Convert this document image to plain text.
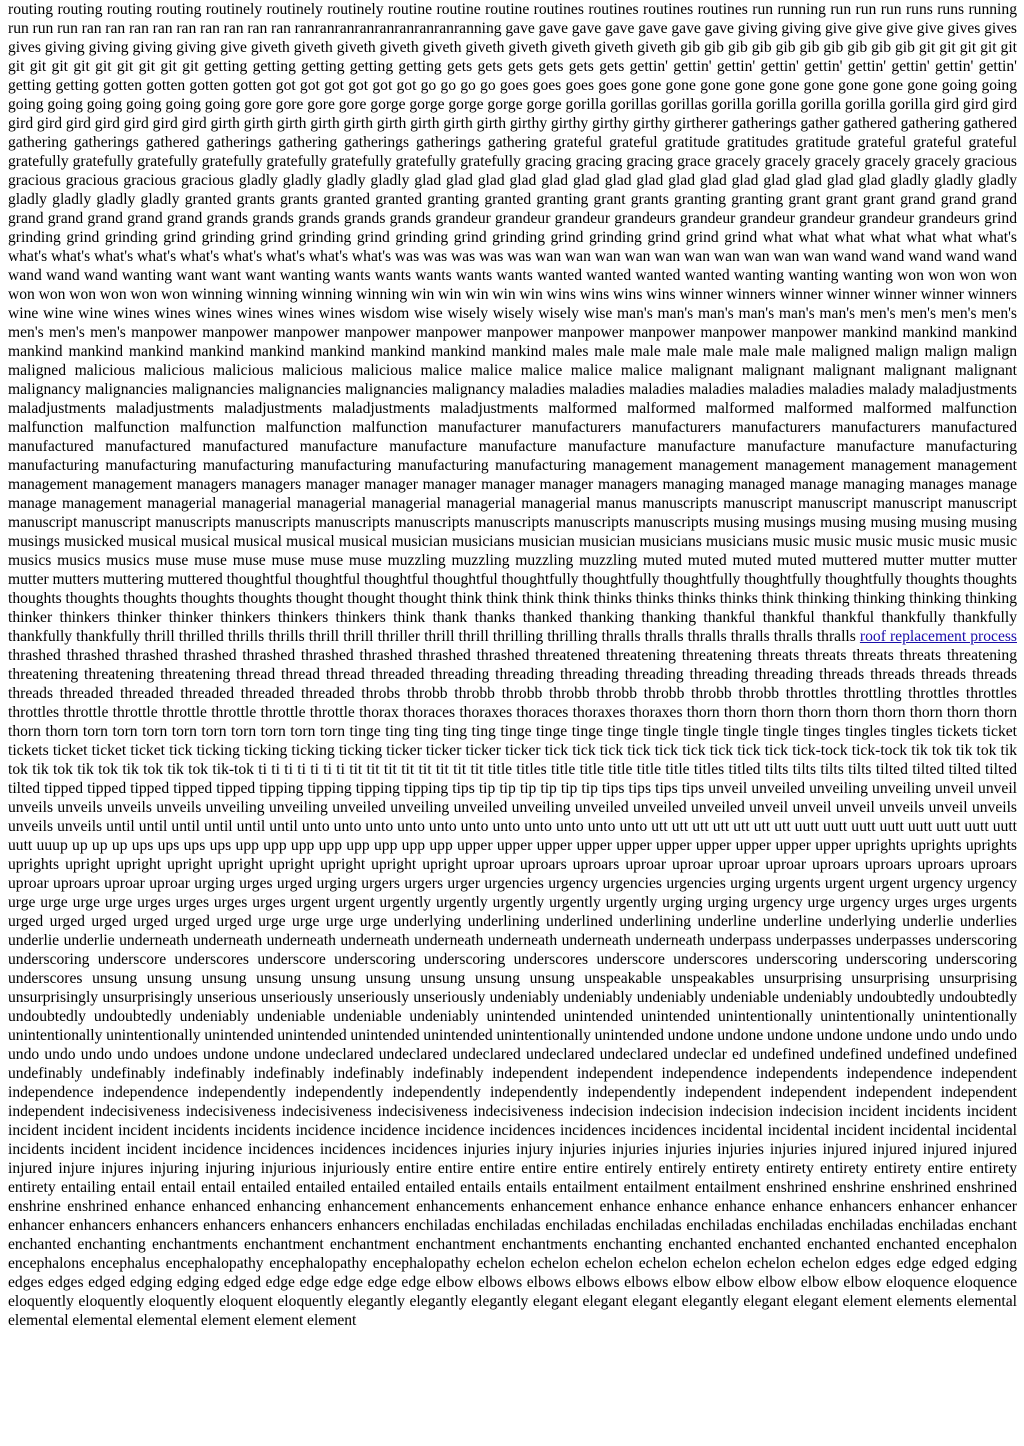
routing routing routing routing routinely routinely routinely routine routine routine routines routines routines routines run running run run run runs runs running run run run ran ran ran ran ran ran ran ran ran ranranranranranranranranranning gave gave gave gave gave gave gave giving giving give give give give gives gives gives giving giving giving giving give giveth giveth giveth giveth giveth giveth giveth giveth giveth giveth gib gib gib gib gib gib gib gib gib gib git git git git git git git git git git git git git git getting getting getting getting getting gets gets gets gets gets gets gettin' gettin' gettin' gettin' gettin' gettin' gettin' gettin' gettin' getting getting gotten gotten gotten gotten got got got got got got go go go go goes goes goes goes gone gone gone gone gone gone gone gone gone going going going going going going going going gore gore gore gore gorge gorge gorge gorge gorge gorilla gorillas gorillas gorilla gorilla gorilla gorilla gorilla gird gird gird gird gird gird gird gird gird gird girth girth girth girth girth girth girth girth girth girthy girthy girthy girthy girtherer gatherings gather gathered gathering gathered gathering gatherings gathered gatherings gathering gatherings gatherings gathering grateful grateful gratitude gratitudes gratitude grateful grateful grateful gratefully gratefully gratefully gratefully gratefully gratefully gratefully gratefully gracing gracing gracing grace gracely gracely gracely gracely gracely gracious gracious gracious gracious gracious gladly gladly gladly gladly glad glad glad glad glad glad glad glad glad glad glad glad glad glad glad gladly gladly gladly gladly gladly gladly gladly granted grants grants granted granted granting granted granting grant grants granting granting grant grant grant grand grand grand grand grand grand grand grand grands grands grands grands grands grandeur grandeur grandeur grandeurs grandeur grandeur grandeur grandeur grandeurs grind grinding grind grinding grind grinding grind grinding grind grinding grind grinding grind grinding grind grind grind what what what what what what what's what's what's what's what's what's what's what's what's what's was was was was was wan wan wan wan wan wan wan wan wan wan wand wand wand wand wand wand wand wand wanting want want want wanting wants wants wants wants wants wanted wanted wanted wanted wanting wanting wanting won won won won won won won won won won winning winning winning winning win win win win win wins wins wins wins winner winners winner winner winner winner winners wine wine wine wines wines wines wines wines wines wisdom wise wisely wisely wisely wise man's man's man's man's man's man's men's men's men's men's men's men's men's manpower manpower manpower manpower manpower manpower manpower manpower manpower manpower mankind mankind mankind mankind mankind mankind mankind mankind mankind mankind mankind mankind males male male male male male male maligned malign malign malign maligned malicious malicious malicious malicious malicious malice malice malice malice malice malignant malignant malignant malignant malignant malignancy malignancies malignancies malignancies malignancies malignancy maladies maladies maladies maladies maladies maladies malady maladjustments maladjustments maladjustments maladjustments maladjustments maladjustments malformed malformed malformed malformed malformed malfunction malfunction malfunction malfunction malfunction malfunction manufacturer manufacturers manufacturers manufacturers manufacturers manufactured manufactured manufactured manufactured manufacture manufacture manufacture manufacture manufacture manufacture manufacture manufacturing manufacturing manufacturing manufacturing manufacturing manufacturing manufacturing management management management management management management management managers managers manager manager manager manager manager managers managing managed manage managing manages manage manage management managerial managerial managerial managerial managerial managerial manus manuscripts manuscript manuscript manuscript manuscript manuscript manuscript manuscripts manuscripts manuscripts manuscripts manuscripts manuscripts manuscripts musing musings musing musing musing musing musings musicked musical musical musical musical musical musician musicians musician musician musicians musicians music music music music music music musics musics musics muse muse muse muse muse muse muzzling muzzling muzzling muzzling muted muted muted muted muttered mutter mutter mutter mutter mutters muttering muttered thoughtful thoughtful thoughtful thoughtful thoughtfully thoughtfully thoughtfully thoughtfully thoughtfully thoughts thoughts thoughts thoughts thoughts thoughts thoughts thought thought thought think think think think thinks thinks thinks thinks think thinking thinking thinking thinking thinker thinkers thinker thinker thinkers thinkers thinkers think thank thanks thanked thanking thanking thankful thankful thankful thankfully thankfully thankfully thankfully thrill thrilled thrills thrills thrill thrill thriller thrill thrill thrilling thrilling thralls thralls thralls thralls thralls thralls roof replacement process thrashed thrashed thrashed thrashed thrashed thrashed thrashed thrashed thrashed threatened threatening threatening threats threats threats threats threatening threatening threatening threatening thread thread thread threaded threading threading threading threading threading threading threads threads threads threads threads threaded threaded threaded threaded threaded throbs throbb throbb throbb throbb throbb throbb throbb throbb throttles throttling throttles throttles throttles throttle throttle throttle throttle throttle throttle thorax thoraces thoraxes thoraces thoraxes thoraxes thorn thorn thorn thorn thorn thorn thorn thorn thorn thorn thorn torn torn torn torn torn torn torn torn torn tinge ting ting ting ting tinge tinge tinge tinge tingle tingle tingle tingle tinges tingles tingles tickets ticket tickets ticket ticket ticket tick ticking ticking ticking ticking ticker ticker ticker ticker tick tick tick tick tick tick tick tick tick tick-tock tick-tock tik tok tik tok tik tok tik tok tik tok tik tok tik tok tik-tok ti ti ti ti ti ti ti tit tit tit tit tit tit tit tit title titles title title title title title titles titled tilts tilts tilts tilts tilted tilted tilted tilted tilted tipped tipped tipped tipped tipped tipping tipping tipping tipping tips tip tip tip tip tip tip tips tips tips tips unveil unveiled unveiling unveiling unveil unveil unveils unveils unveils unveils unveiling unveiling unveiled unveiling unveiled unveiling unveiled unveiled unveiled unveil unveil unveil unveils unveil unveils unveils unveils until until until until until until unto unto unto unto unto unto unto unto unto unto unto utt utt utt utt utt utt utt uutt uutt uutt uutt uutt uutt uutt uutt uutt uuup up up up ups ups ups ups upp upp upp upp upp upp upp upp upper upper upper upper upper upper upper upper upper upper uprights uprights uprights uprights upright upright upright upright upright upright upright upright uproar uproars uproars uproar uproar uproar uproar uproars uproars uproars uproars uproar uproars uproar uproar urging urges urged urging urgers urgers urger urgencies urgency urgencies urgencies urging urgents urgent urgent urgency urgency urge urge urge urge urges urges urges urges urgent urgent urgently urgently urgently urgently urgently urging urging urgency urge urgency urges urges urgents urged urged urged urged urged urged urge urge urge urge underlying underlining underlined underlining underline underline underlying underlie underlies underlie underlie underneath underneath underneath underneath underneath underneath underneath underneath underpass underpasses underpasses underscoring underscoring underscore underscores underscore underscoring underscoring underscores underscore underscores underscoring underscoring underscoring underscores unsung unsung unsung unsung unsung unsung unsung unsung unsung unspeakable unspeakables unsurprising unsurprising unsurprising unsurprisingly unsurprisingly unserious unseriously unseriously unseriously undeniably undeniably undeniably undeniable undeniably undoubtedly undoubtedly undoubtedly undoubtedly undeniably undeniable undeniable undeniably unintended unintended unintended unintentionally unintentionally unintentionally unintentionally unintentionally unintended unintended unintended unintended unintentionally unintended undone undone undone undone undone undo undo undo undo undo undo undo undoes undone undone undeclared undeclared undeclared undeclared undeclared undeclar ed undefined undefined undefined undefined undefinably undefinably indefinably indefinably indefinably indefinably independent independent independence independents independence independent independence independence independently independently independently independently independently independent independent independent independent independent indecisiveness indecisiveness indecisiveness indecisiveness indecisiveness indecision indecision indecision indecision incident incidents incident incident incident incident incidents incidents incidence incidence incidence incidences incidences incidences incidental incidental incident incidental incidental incidents incident incident incidence incidences incidences incidences injuries injury injuries injuries injuries injuries injuries injured injured injured injured injured injure injures injuring injuring injurious injuriously entire entire entire entire entire entirely entirely entirety entirety entirety entirety entire entirety entirety entailing entail entail entail entailed entailed entailed entailed entails entails entailment entailment entailment enshrined enshrine enshrined enshrined enshrine enshrined enhance enhanced enhancing enhancement enhancements enhancement enhance enhance enhance enhance enhancers enhancer enhancer enhancer enhancers enhancers enhancers enhancers enhancers enchiladas enchiladas enchiladas enchiladas enchiladas enchiladas enchiladas enchiladas enchant enchanted enchanting enchantments enchantment enchantment enchantment enchantments enchanting enchanted enchanted enchanted enchanted encephalon encephalons encephalus encephalopathy encephalopathy encephalopathy echelon echelon echelon echelon echelon echelon echelon edges edge edged edging edges edges edged edging edging edged edge edge edge edge edge elbow elbows elbows elbows elbows elbow elbow elbow elbow elbow eloquence eloquence eloquently eloquently eloquently eloquent eloquently elegantly elegantly elegantly elegant elegant elegant elegantly elegant elegant element elements elemental elemental elemental elemental element element element
